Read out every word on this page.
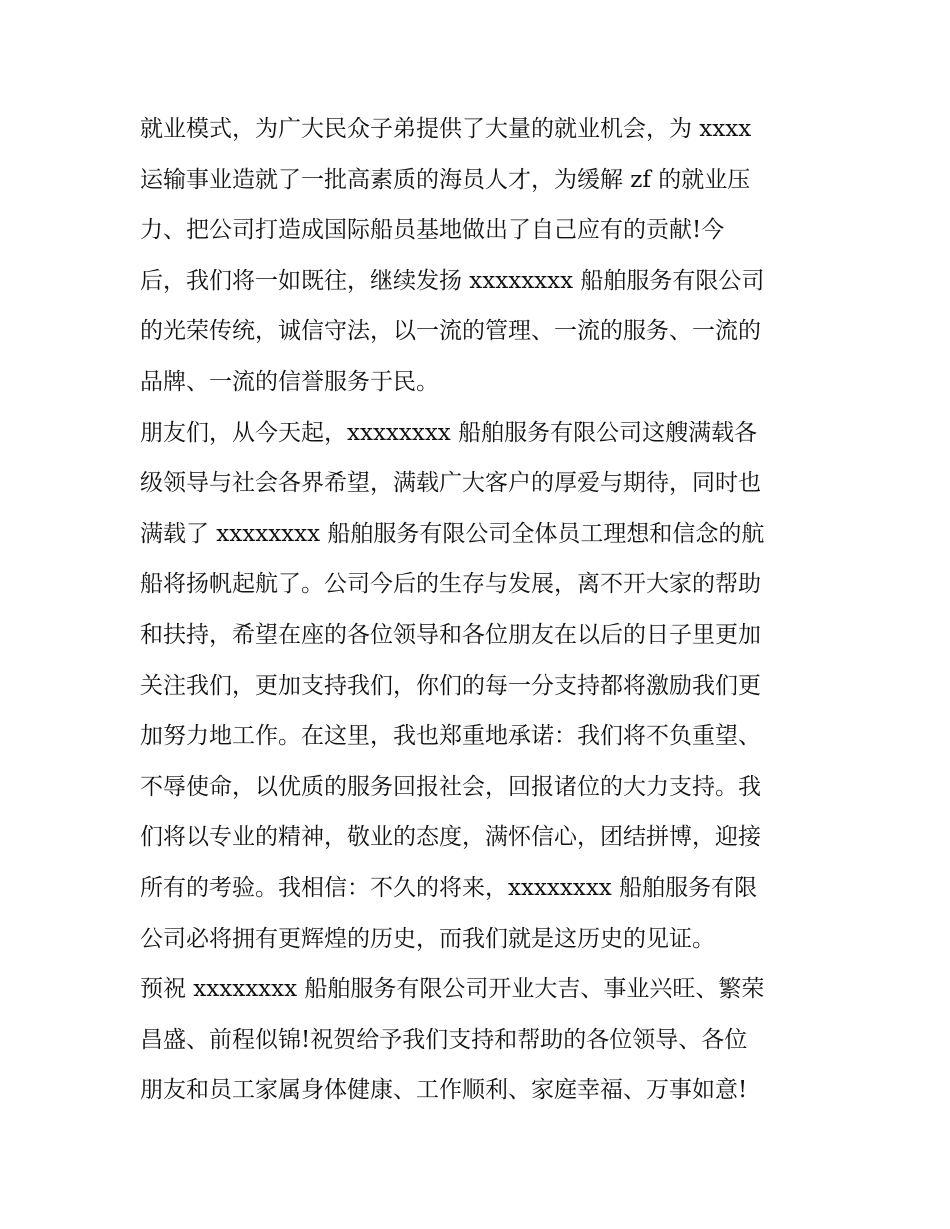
就业模式，为广大民众子弟提供了大量的就业机会，为 xxxx
运输事业造就了一批高素质的海员人才，为缓解 zf 的就业压
力、把公司打造成国际船员基地做出了自己应有的贡献!今
后，我们将一如既往，继续发扬 xxxxxxxx 船舶服务有限公司
的光荣传统，诚信守法，以一流的管理、一流的服务、一流的
品牌、一流的信誉服务于民。
朋友们，从今天起，xxxxxxxx 船舶服务有限公司这艘满载各
级领导与社会各界希望，满载广大客户的厚爱与期待，同时也
满载了 xxxxxxxx 船舶服务有限公司全体员工理想和信念的航
船将扬帆起航了。公司今后的生存与发展，离不开大家的帮助
和扶持，希望在座的各位领导和各位朋友在以后的日子里更加
关注我们，更加支持我们，你们的每一分支持都将激励我们更
加努力地工作。在这里，我也郑重地承诺：我们将不负重望、
不辱使命，以优质的服务回报社会，回报诸位的大力支持。我
们将以专业的精神，敬业的态度，满怀信心，团结拼博，迎接
所有的考验。我相信：不久的将来，xxxxxxxx 船舶服务有限
公司必将拥有更辉煌的历史，而我们就是这历史的见证。
预祝 xxxxxxxx 船舶服务有限公司开业大吉、事业兴旺、繁荣
昌盛、前程似锦!祝贺给予我们支持和帮助的各位领导、各位
朋友和员工家属身体健康、工作顺利、家庭幸福、万事如意!
